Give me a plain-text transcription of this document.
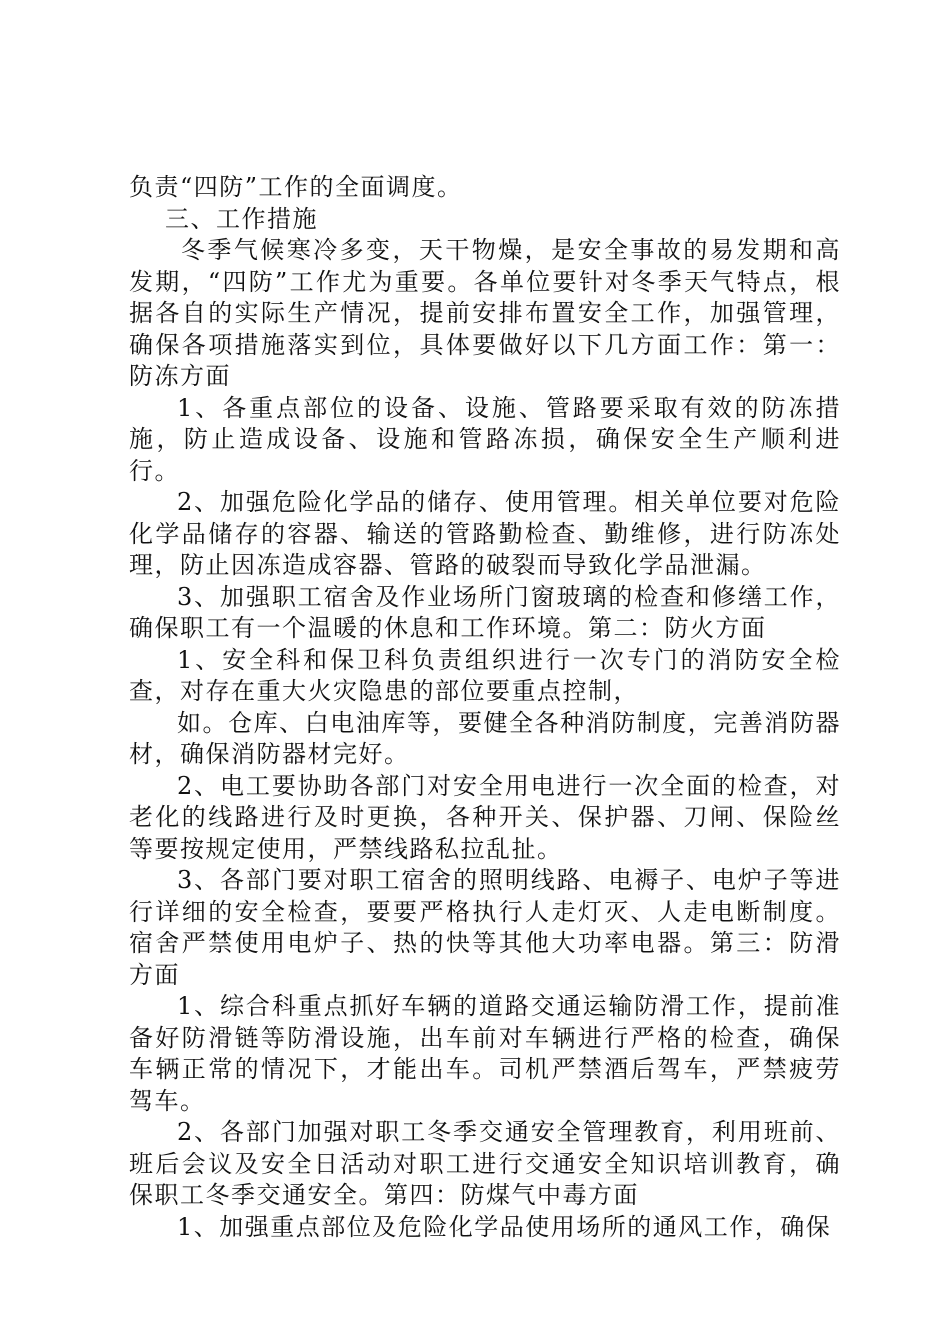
负责“四防”工作的全面调度。

三、工作措施

冬季气候寒冷多变，天干物燥，是安全事故的易发期和高发期，“四防”工作尤为重要。各单位要针对冬季天气特点，根据各自的实际生产情况，提前安排布置安全工作，加强管理，确保各项措施落实到位，具体要做好以下几方面工作：第一：防冻方面

1、各重点部位的设备、设施、管路要采取有效的防冻措施，防止造成设备、设施和管路冻损，确保安全生产顺利进行。

2、加强危险化学品的储存、使用管理。相关单位要对危险化学品储存的容器、输送的管路勤检查、勤维修，进行防冻处理，防止因冻造成容器、管路的破裂而导致化学品泄漏。

3、加强职工宿舍及作业场所门窗玻璃的检查和修缮工作，确保职工有一个温暖的休息和工作环境。第二：防火方面

1、安全科和保卫科负责组织进行一次专门的消防安全检查，对存在重大火灾隐患的部位要重点控制，

如。仓库、白电油库等，要健全各种消防制度，完善消防器材，确保消防器材完好。

2、电工要协助各部门对安全用电进行一次全面的检查，对老化的线路进行及时更换，各种开关、保护器、刀闸、保险丝等要按规定使用，严禁线路私拉乱扯。

3、各部门要对职工宿舍的照明线路、电褥子、电炉子等进行详细的安全检查，要要严格执行人走灯灭、人走电断制度。宿舍严禁使用电炉子、热的快等其他大功率电器。第三：防滑方面

1、综合科重点抓好车辆的道路交通运输防滑工作，提前准备好防滑链等防滑设施，出车前对车辆进行严格的检查，确保车辆正常的情况下，才能出车。司机严禁酒后驾车，严禁疲劳驾车。

2、各部门加强对职工冬季交通安全管理教育，利用班前、班后会议及安全日活动对职工进行交通安全知识培训教育，确保职工冬季交通安全。第四：防煤气中毒方面

1、加强重点部位及危险化学品使用场所的通风工作，确保
